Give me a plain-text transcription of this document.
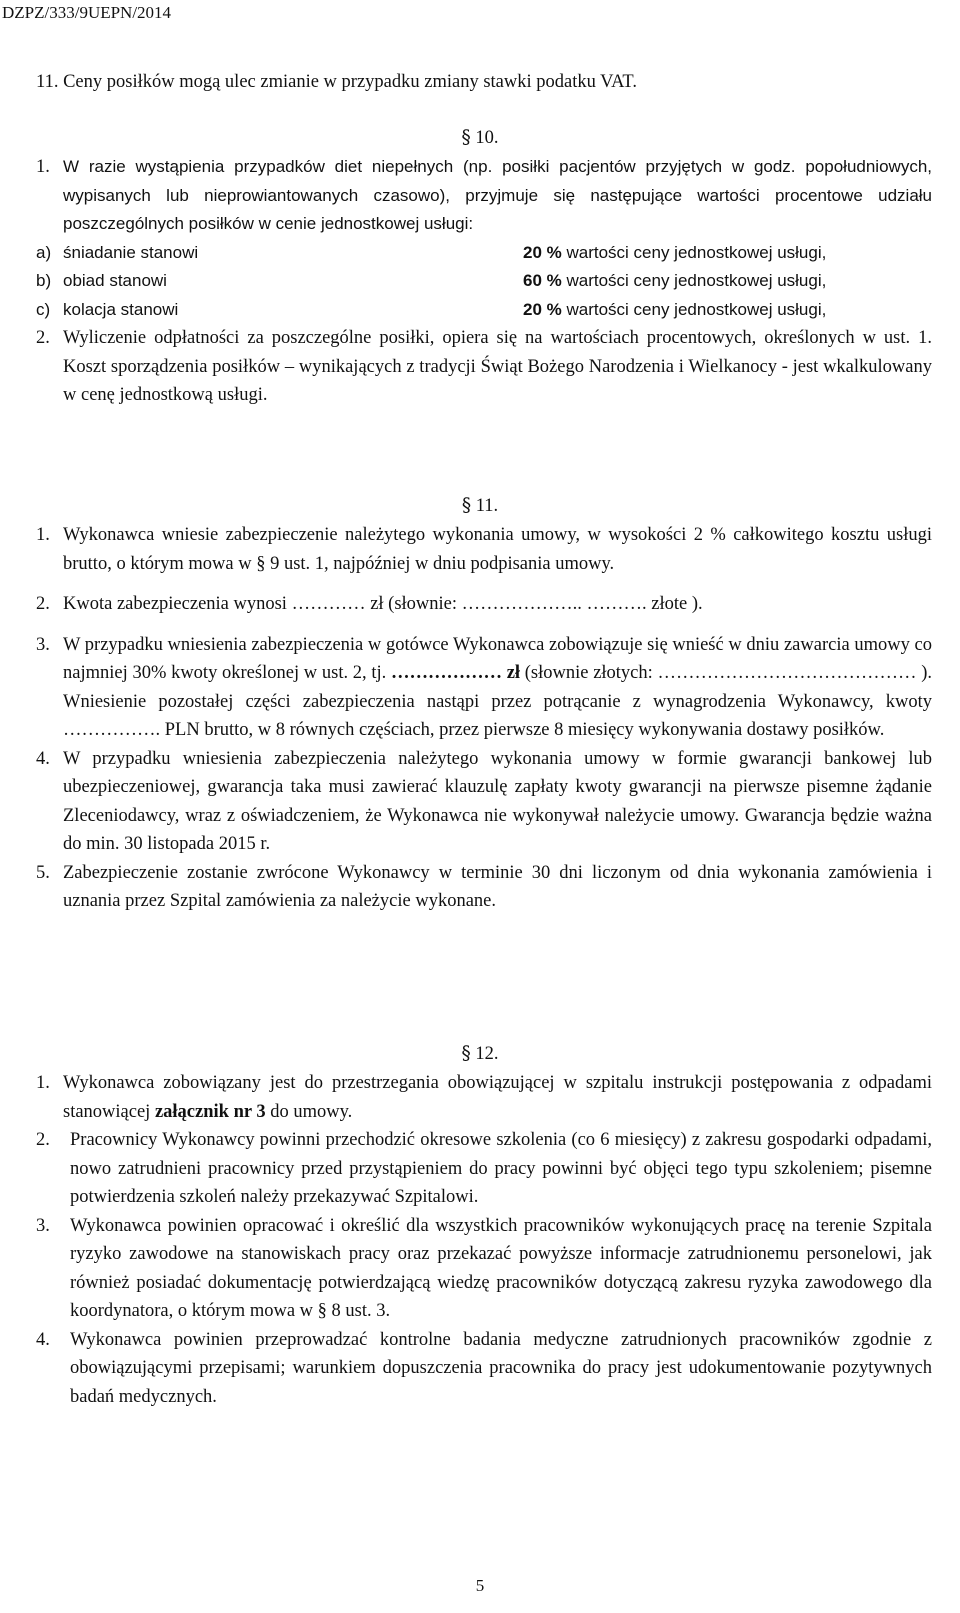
DZPZ/333/9UEPN/2014
11. Ceny posiłków mogą ulec zmianie w przypadku zmiany stawki podatku VAT.
§ 10.
1. W razie wystąpienia przypadków diet niepełnych (np. posiłki pacjentów przyjętych w godz. popołudniowych, wypisanych lub nieprowiantowanych czasowo), przyjmuje się następujące wartości procentowe udziału poszczególnych posiłków w cenie jednostkowej usługi:
a) śniadanie stanowi	20 % wartości ceny jednostkowej usługi,
b) obiad stanowi	60 % wartości ceny jednostkowej usługi,
c) kolacja stanowi	20 % wartości ceny jednostkowej usługi,
2. Wyliczenie odpłatności za poszczególne posiłki, opiera się na wartościach procentowych, określonych w ust. 1. Koszt sporządzenia posiłków – wynikających z tradycji Świąt Bożego Narodzenia i Wielkanocy - jest wkalkulowany w cenę jednostkową usługi.
§ 11.
1. Wykonawca wniesie zabezpieczenie należytego wykonania umowy, w wysokości 2 % całkowitego kosztu usługi brutto, o którym mowa w § 9 ust. 1, najpóźniej w dniu podpisania umowy.
2. Kwota zabezpieczenia wynosi ………… zł (słownie: ……………….. ………. złote ).
3. W przypadku wniesienia zabezpieczenia w gotówce Wykonawca zobowiązuje się wnieść w dniu zawarcia umowy co najmniej 30% kwoty określonej w ust. 2, tj. ……………… zł (słownie złotych: …………………………………… ). Wniesienie pozostałej części zabezpieczenia nastąpi przez potrącanie z wynagrodzenia Wykonawcy, kwoty ……………. PLN brutto, w 8 równych częściach, przez pierwsze 8 miesięcy wykonywania dostawy posiłków.
4. W przypadku wniesienia zabezpieczenia należytego wykonania umowy w formie gwarancji bankowej lub ubezpieczeniowej, gwarancja taka musi zawierać klauzulę zapłaty kwoty gwarancji na pierwsze pisemne żądanie Zleceniodawcy, wraz z oświadczeniem, że Wykonawca nie wykonywał należycie umowy. Gwarancja będzie ważna do min. 30 listopada 2015 r.
5. Zabezpieczenie zostanie zwrócone Wykonawcy w terminie 30 dni liczonym od dnia wykonania zamówienia i uznania przez Szpital zamówienia za należycie wykonane.
§ 12.
1. Wykonawca zobowiązany jest do przestrzegania obowiązującej w szpitalu instrukcji postępowania z odpadami stanowiącej załącznik nr 3 do umowy.
2.	Pracownicy Wykonawcy powinni przechodzić okresowe szkolenia (co 6 miesięcy) z zakresu gospodarki odpadami, nowo zatrudnieni pracownicy przed przystąpieniem do pracy powinni być objęci tego typu szkoleniem; pisemne potwierdzenia szkoleń należy przekazywać Szpitalowi.
3.	Wykonawca powinien opracować i określić dla wszystkich pracowników wykonujących pracę na terenie Szpitala ryzyko zawodowe na stanowiskach pracy oraz przekazać powyższe informacje zatrudnionemu personelowi, jak również posiadać dokumentację potwierdzającą wiedzę pracowników dotyczącą zakresu ryzyka zawodowego dla koordynatora, o którym mowa w § 8 ust. 3.
4.	Wykonawca powinien przeprowadzać kontrolne badania medyczne zatrudnionych pracowników zgodnie z obowiązującymi przepisami; warunkiem dopuszczenia pracownika do pracy jest udokumentowanie pozytywnych badań medycznych.
5
